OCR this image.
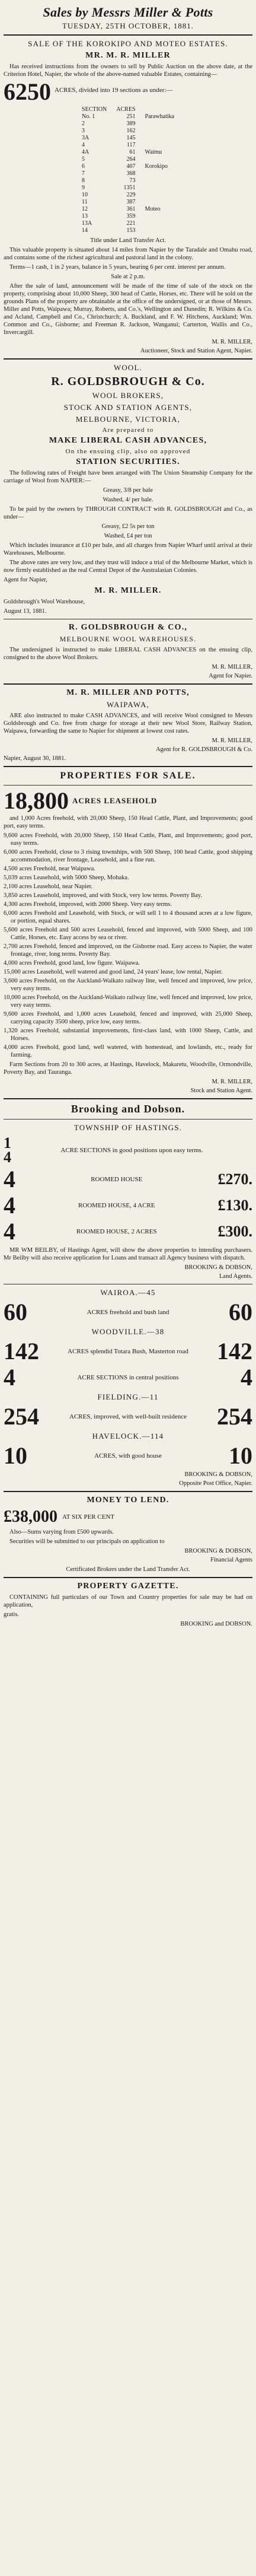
Sales by Messrs Miller & Potts
TUESDAY, 25TH OCTOBER, 1881.
SALE OF THE KOROKIPO AND MOTEO ESTATES.
MR. M. R. MILLER

Has received instructions from the owners to sell by Public Auction on the above date, at the Criterion Hotel, Napier, the whole of the above-named valuable Estates, containing—

6250 ACRES, divided into 19 sections as under:—
SECTION	ACRES	
No. 1	251	Parawhatika
2	389	
3	162	
3A	145	
4	117	
4A	61	Waimu
5	264	
6	407	Korokipo
7	368	
8	73	
9	1351	
10	229	
11	387	
12	361	Moteo
13	359	
13A	221	
14	153	

Title under Land Transfer Act.

This valuable property is situated about 14 miles from Napier by the Taradale and Omahu road, and contains some of the richest agricultural and pastoral land in the colony.

Terms—1 cash, 1 in 2 years, balance in 5 years, bearing 6 per cent. interest per annum.

Sale at 2 p.m.

After the sale of land, announcement will be made of the time of sale of the stock on the property, comprising about 10,000 Sheep, 300 head of Cattle, Horses, etc. There will be sold on the grounds Plans of the property are obtainable at the office of the undersigned, or at those of Messrs. Miller and Potts, Waipawa; Murray, Roberts, and Co.'s, Wellington and Dunedin; R. Wilkins & Co. and Acland, Campbell and Co., Christchurch; A. Buckland, and F. W. Hitchens, Auckland; Wm. Common and Co., Gisborne; and Freeman R. Jackson, Wanganui; Carterton, Wallis and Co., Invercargill.

M. R. MILLER,
Auctioneer, Stock and Station Agent, Napier.
WOOL.
R. GOLDSBROUGH & Co.
WOOL BROKERS,
STOCK AND STATION AGENTS,
MELBOURNE, VICTORIA,
Are prepared to
MAKE LIBERAL CASH ADVANCES,
On the ensuing clip, also on approved
STATION SECURITIES.

The following rates of Freight have been arranged with The Union Steamship Company for the carriage of Wool from NAPIER:—

Greasy, 3/8 per bale

Washed, 4/ per bale.

To be paid by the owners by THROUGH CONTRACT with R. GOLDSBROUGH and Co., as under—

Greasy, £2 5s per ton

Washed, £4 per ton

Which includes insurance at £10 per bale, and all charges from Napier Wharf until arrival at their Warehouses, Melbourne.

The above rates are very low, and they trust will induce a trial of the Melbourne Market, which is now firmly established as the real Central Depot of the Australasian Colonies.

Agent for Napier,

M. R. MILLER.

Goldsbrough's Wool Warehouse,

August 13, 1881.

R. GOLDSBROUGH & CO.,
MELBOURNE WOOL WAREHOUSES.

The undersigned is instructed to make LIBERAL CASH ADVANCES on the ensuing clip, consigned to the above Wool Brokers.

M. R. MILLER,
Agent for Napier.
M. R. MILLER AND POTTS,
WAIPAWA,

ARE also instructed to make CASH ADVANCES, and will receive Wool consigned to Messrs Goldsbrough and Co. free from charge for storage at their new Wool Store, Railway Station, Waipawa, forwarding the same to Napier for shipment at lowest cost rates.

M. R. MILLER,
Agent for R. GOLDSBROUGH & Co.
Napier, August 30, 1881.
PROPERTIES FOR SALE.
18,800 ACRES LEASEHOLD

and 1,000 Acres freehold, with 20,000 Sheep, 150 Head Cattle, Plant, and Improvements; good port, easy terms.

9,600 acres Freehold, with 20,000 Sheep, 150 Head Cattle, Plant, and Improvements; good port, easy terms.

6,000 acres Freehold, close to 3 rising townships, with 500 Sheep, 100 head Cattle, good shipping accommodation, river frontage, Leasehold, and a fine run.

4,500 acres Freehold, near Waipawa.

5,039 acres Leasehold, with 5000 Sheep, Mohaka.

2,100 acres Leasehold, near Napier.

3,850 acres Leasehold, improved, and with Stock, very low terms. Poverty Bay.

4,300 acres Freehold, improved, with 2000 Sheep. Very easy terms.

6,000 acres Freehold and Leasehold, with Stock, or will sell 1 to 4 thousand acres at a low figure, or portion, equal shares.

5,600 acres Freehold and 500 acres Leasehold, fenced and improved, with 5000 Sheep, and 100 Cattle, Horses, etc. Easy access by sea or river.

2,700 acres Freehold, fenced and improved, on the Gisborne road. Easy access to Napier, the water frontage, river, long terms. Poverty Bay.

4,000 acres Freehold, good land, low figure. Waipawa.

15,000 acres Leasehold, well watered and good land, 24 years' lease, low rental, Napier.

3,600 acres Freehold, on the Auckland-Waikato railway line, well fenced and improved, low price, very easy terms.

10,000 acres Freehold, on the Auckland-Waikato railway line, well fenced and improved, low price, very easy terms.

9,600 acres Freehold, and 1,000 acres Leasehold, fenced and improved, with 25,000 Sheep, carrying capacity 3500 sheep, price low, easy terms.

1,320 acres Freehold, substantial improvements, first-class land, with 1000 Sheep, Cattle, and Horses.

4,000 acres Freehold, good land, well watered, with homestead, and lowlands, etc., ready for farming.

Farm Sections from 20 to 300 acres, at Hastings, Havelock, Makaretu, Woodville, Ormondville, Poverty Bay, and Tauranga.

M. R. MILLER,
Stock and Station Agent.
Brooking and Dobson.
TOWNSHIP OF HASTINGS.
1
4	ACRE SECTIONS in good positions upon easy terms.
4	ROOMED HOUSE	£270.
4	ROOMED HOUSE, 4 ACRE	£130.
4	ROOMED HOUSE, 2 ACRES	£300.

MR WM BEILBY, of Hastings Agent, will show the above properties to intending purchasers. Mr Beilby will also receive application for Loans and transact all Agency business with dispatch.

BROOKING & DOBSON,
Land Agents.
WAIROA.—45
60	ACRES freehold and bush land	60
WOODVILLE.—38
142	ACRES splendid Totara Bush, Masterton road	142
4	ACRE SECTIONS in central positions	4
FIELDING.—11
254	ACRES, improved, with well-built residence	254
HAVELOCK.—114
10	ACRES, with good house	10
BROOKING & DOBSON,
Opposite Post Office, Napier.
MONEY TO LEND.
£38,000 AT SIX PER CENT

Also—Sums varying from £500 upwards.

Securities will be submitted to our principals on application to

BROOKING & DOBSON,
Financial Agents

Certificated Brokers under the Land Transfer Act.

PROPERTY GAZETTE.

CONTAINING full particulars of our Town and Country properties for sale may be had on application,

gratis.

BROOKING and DOBSON.
